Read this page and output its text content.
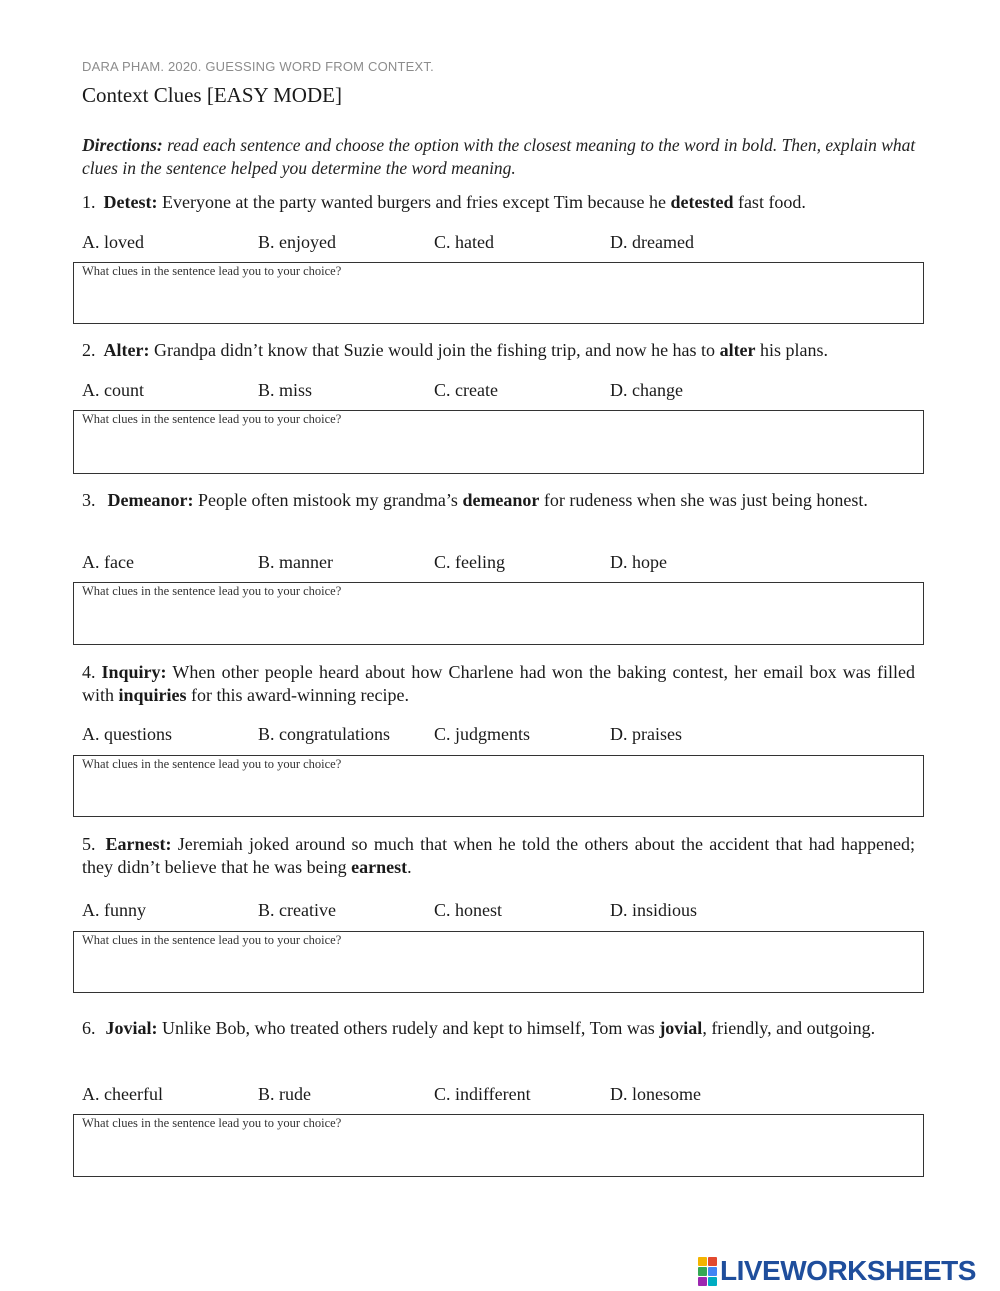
DARA PHAM. 2020. GUESSING WORD FROM CONTEXT.
Context Clues [EASY MODE]
Directions: read each sentence and choose the option with the closest meaning to the word in bold. Then, explain what clues in the sentence helped you determine the word meaning.
1. Detest: Everyone at the party wanted burgers and fries except Tim because he detested fast food.
A. loved	B. enjoyed	C. hated	D. dreamed
What clues in the sentence lead you to your choice?
2. Alter: Grandpa didn’t know that Suzie would join the fishing trip, and now he has to alter his plans.
A. count	B. miss	C. create	D. change
What clues in the sentence lead you to your choice?
3. Demeanor: People often mistook my grandma’s demeanor for rudeness when she was just being honest.
A. face	B. manner	C. feeling	D. hope
What clues in the sentence lead you to your choice?
4. Inquiry: When other people heard about how Charlene had won the baking contest, her email box was filled with inquiries for this award-winning recipe.
A. questions	B. congratulations C. judgments	D. praises
What clues in the sentence lead you to your choice?
5. Earnest: Jeremiah joked around so much that when he told the others about the accident that had happened; they didn’t believe that he was being earnest.
A. funny	B. creative	C. honest	D. insidious
What clues in the sentence lead you to your choice?
6. Jovial: Unlike Bob, who treated others rudely and kept to himself, Tom was jovial, friendly, and outgoing.
A. cheerful	B. rude	C. indifferent	D. lonesome
What clues in the sentence lead you to your choice?
LIVEWORKSHEETS
